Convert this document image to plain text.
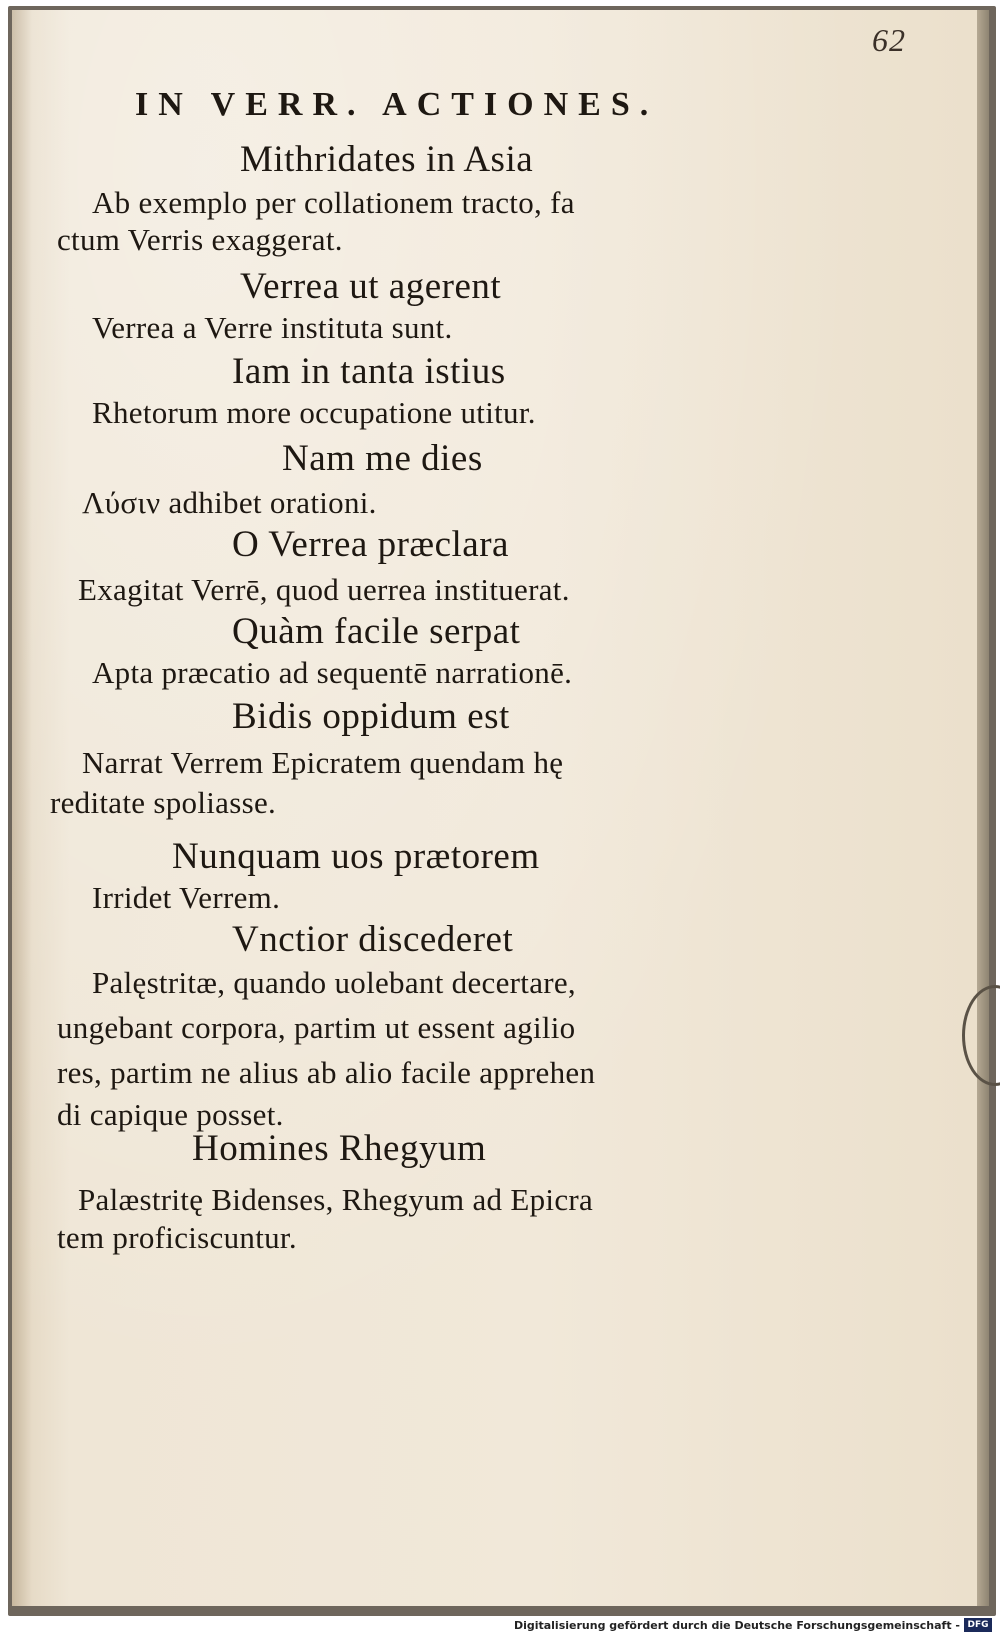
62
IN VERR. ACTIONES.
Mithridates in Asia
Ab exemplo per collationem tracto, fa
ctum Verris exaggerat.
Verrea ut agerent
Verrea a Verre instituta sunt.
Iam in tanta istius
Rhetorum more occupatione utitur.
Nam me dies
Λύσιν adhibet orationi.
O Verrea præclara
Exagitat Verrē, quod uerrea instituerat.
Quàm facile serpat
Apta præcatio ad sequentē narrationē.
Bidis oppidum est
Narrat Verrem Epicratem quendam hę
reditate spoliasse.
Nunquam uos prætorem
Irridet Verrem.
Vnctior discederet
Palęstritæ, quando uolebant decertare,
ungebant corpora, partim ut essent agilio
res, partim ne alius ab alio facile apprehen
di capique posset.
Homines Rhegyum
Palæstritę Bidenses, Rhegyum ad Epicra
tem proficiscuntur.
Digitalisierung gefördert durch die Deutsche Forschungsgemeinschaft - DFG
